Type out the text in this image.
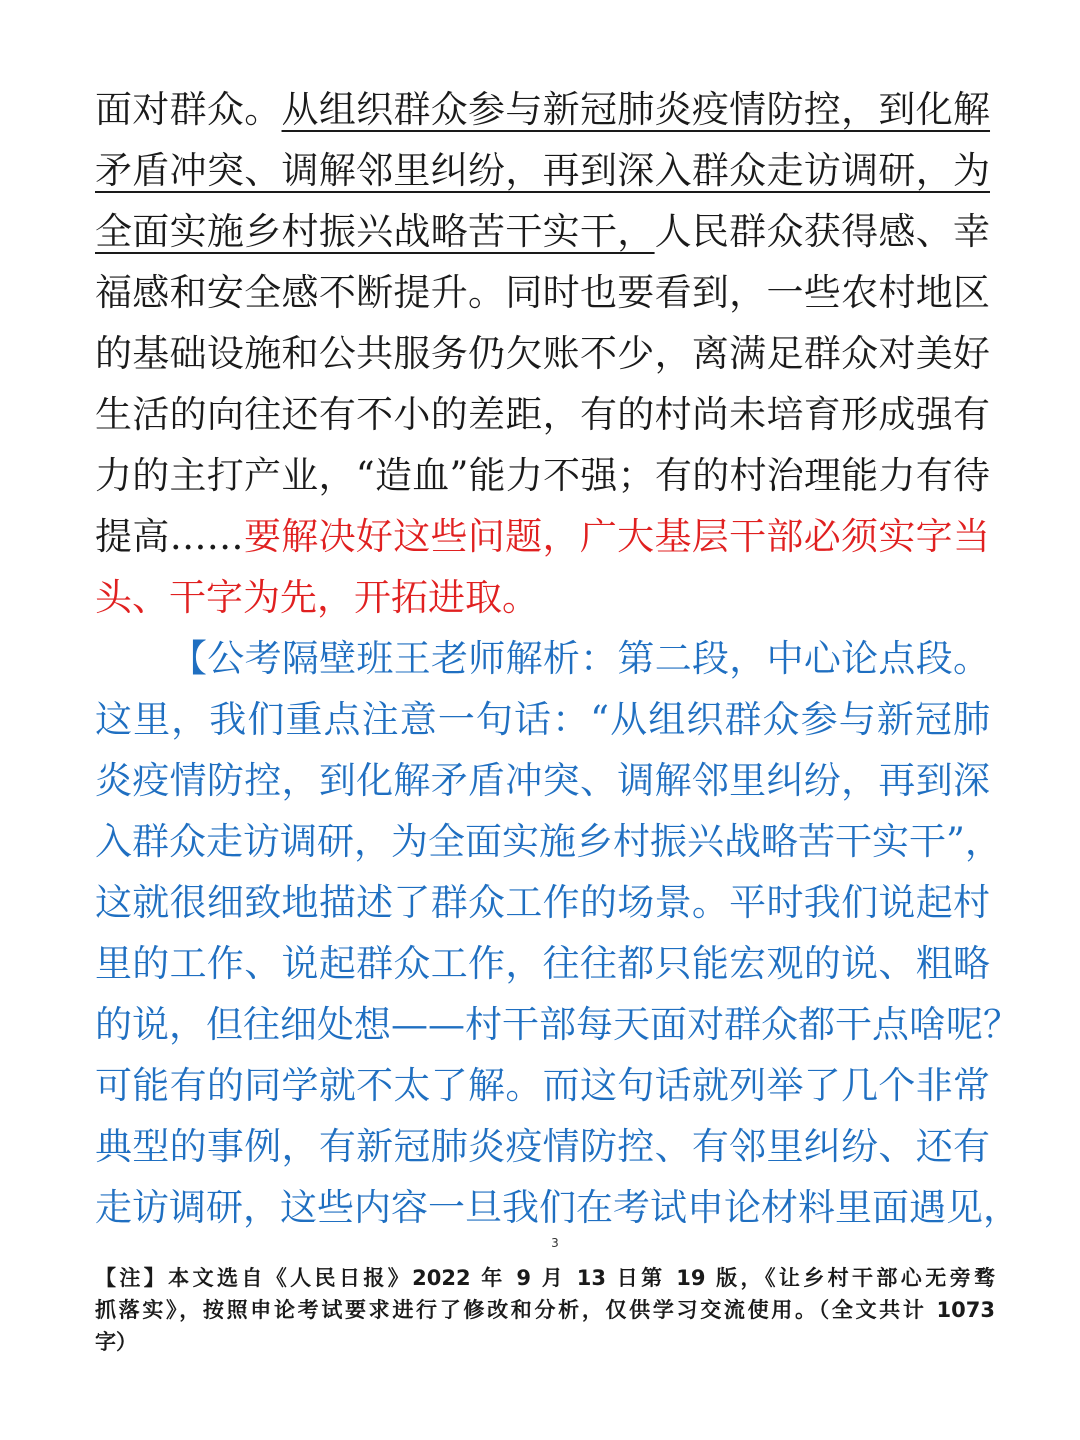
面对群众。从组织群众参与新冠肺炎疫情防控，到化解
矛盾冲突、调解邻里纠纷，再到深入群众走访调研，为
全面实施乡村振兴战略苦干实干，人民群众获得感、幸
福感和安全感不断提升。同时也要看到，一些农村地区
的基础设施和公共服务仍欠账不少，离满足群众对美好
生活的向往还有不小的差距，有的村尚未培育形成强有
力的主打产业，“造血”能力不强；有的村治理能力有待
提高……要解决好这些问题，广大基层干部必须实字当
头、干字为先，开拓进取。
【公考隔壁班王老师解析：第二段，中心论点段。
这里，我们重点注意一句话：“从组织群众参与新冠肺
炎疫情防控，到化解矛盾冲突、调解邻里纠纷，再到深
入群众走访调研，为全面实施乡村振兴战略苦干实干”，
这就很细致地描述了群众工作的场景。平时我们说起村
里的工作、说起群众工作，往往都只能宏观的说、粗略
的说，但往细处想——村干部每天面对群众都干点啥呢？
可能有的同学就不太了解。而这句话就列举了几个非常
典型的事例，有新冠肺炎疫情防控、有邻里纠纷、还有
走访调研，这些内容一旦我们在考试申论材料里面遇见，
3
【注】本文选自《人民日报》2022 年 9 月 13 日第 19 版，《让乡村干部心无旁骛
抓落实》，按照申论考试要求进行了修改和分析，仅供学习交流使用。（全文共计 1073
字）
